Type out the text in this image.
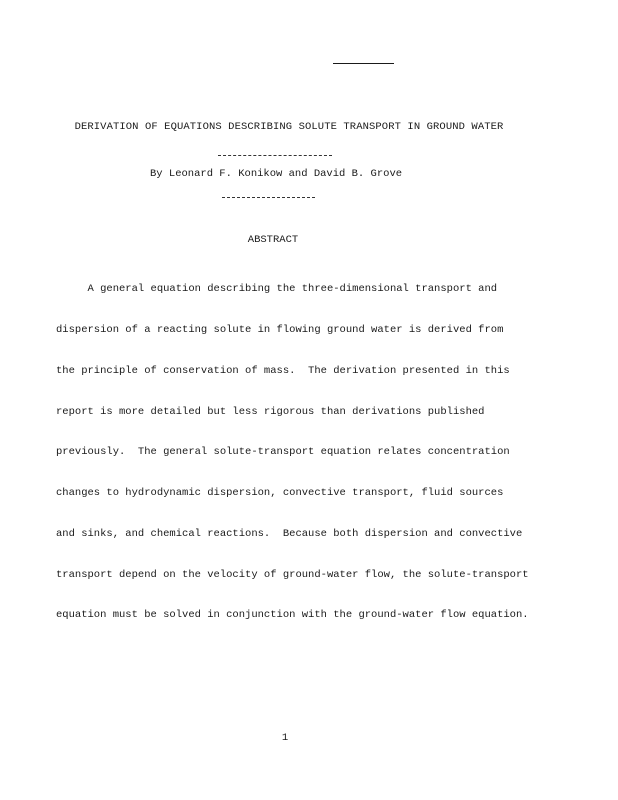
DERIVATION OF EQUATIONS DESCRIBING SOLUTE TRANSPORT IN GROUND WATER
By Leonard F. Konikow and David B. Grove
ABSTRACT

A general equation describing the three-dimensional transport and

dispersion of a reacting solute in flowing ground water is derived from

the principle of conservation of mass.  The derivation presented in this

report is more detailed but less rigorous than derivations published

previously.  The general solute-transport equation relates concentration

changes to hydrodynamic dispersion, convective transport, fluid sources

and sinks, and chemical reactions.  Because both dispersion and convective

transport depend on the velocity of ground-water flow, the solute-transport

equation must be solved in conjunction with the ground-water flow equation.

1
